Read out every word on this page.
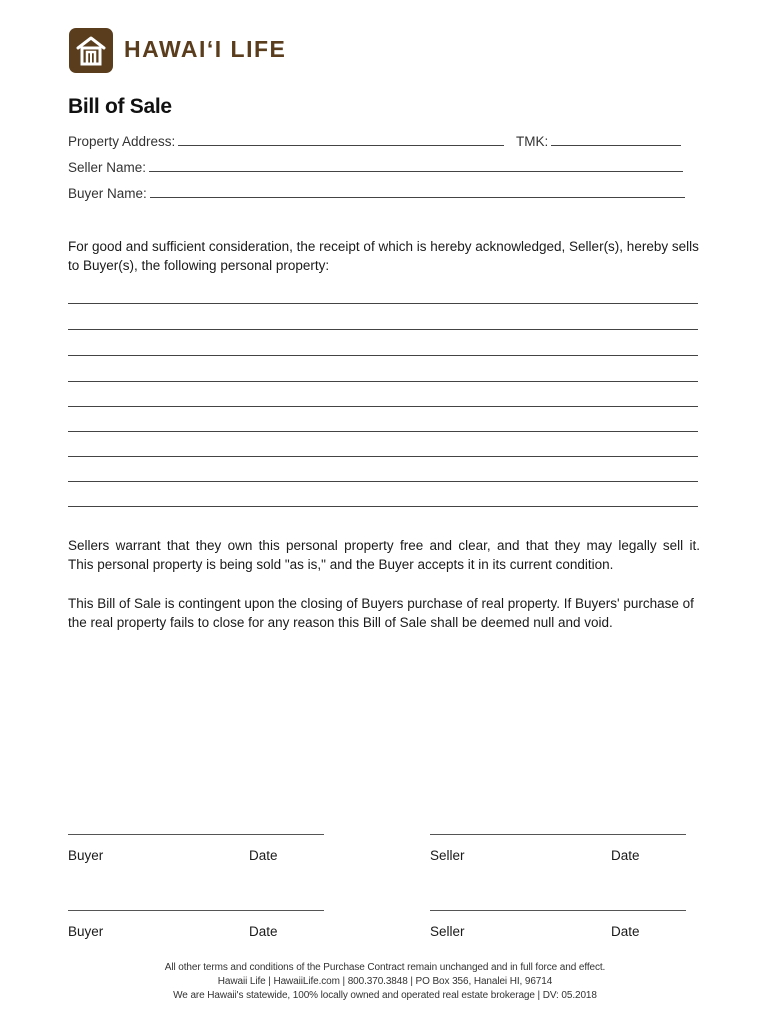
HAWAI‘I LIFE
Bill of Sale
Property Address:	TMK:
Seller Name:
Buyer Name:
For good and sufficient consideration, the receipt of which is hereby acknowledged, Seller(s), hereby sells to Buyer(s), the following personal property:
Sellers warrant that they own this personal property free and clear, and that they may legally sell it.
This personal property is being sold "as is," and the Buyer accepts it in its current condition.
This Bill of Sale is contingent upon the closing of Buyers purchase of real property. If Buyers' purchase of the real property fails to close for any reason this Bill of Sale shall be deemed null and void.
Buyer	Date	Seller	Date
Buyer	Date	Seller	Date
All other terms and conditions of the Purchase Contract remain unchanged and in full force and effect.
Hawaii Life | HawaiiLife.com | 800.370.3848 | PO Box 356, Hanalei HI, 96714
We are Hawaii's statewide, 100% locally owned and operated real estate brokerage | DV: 05.2018
